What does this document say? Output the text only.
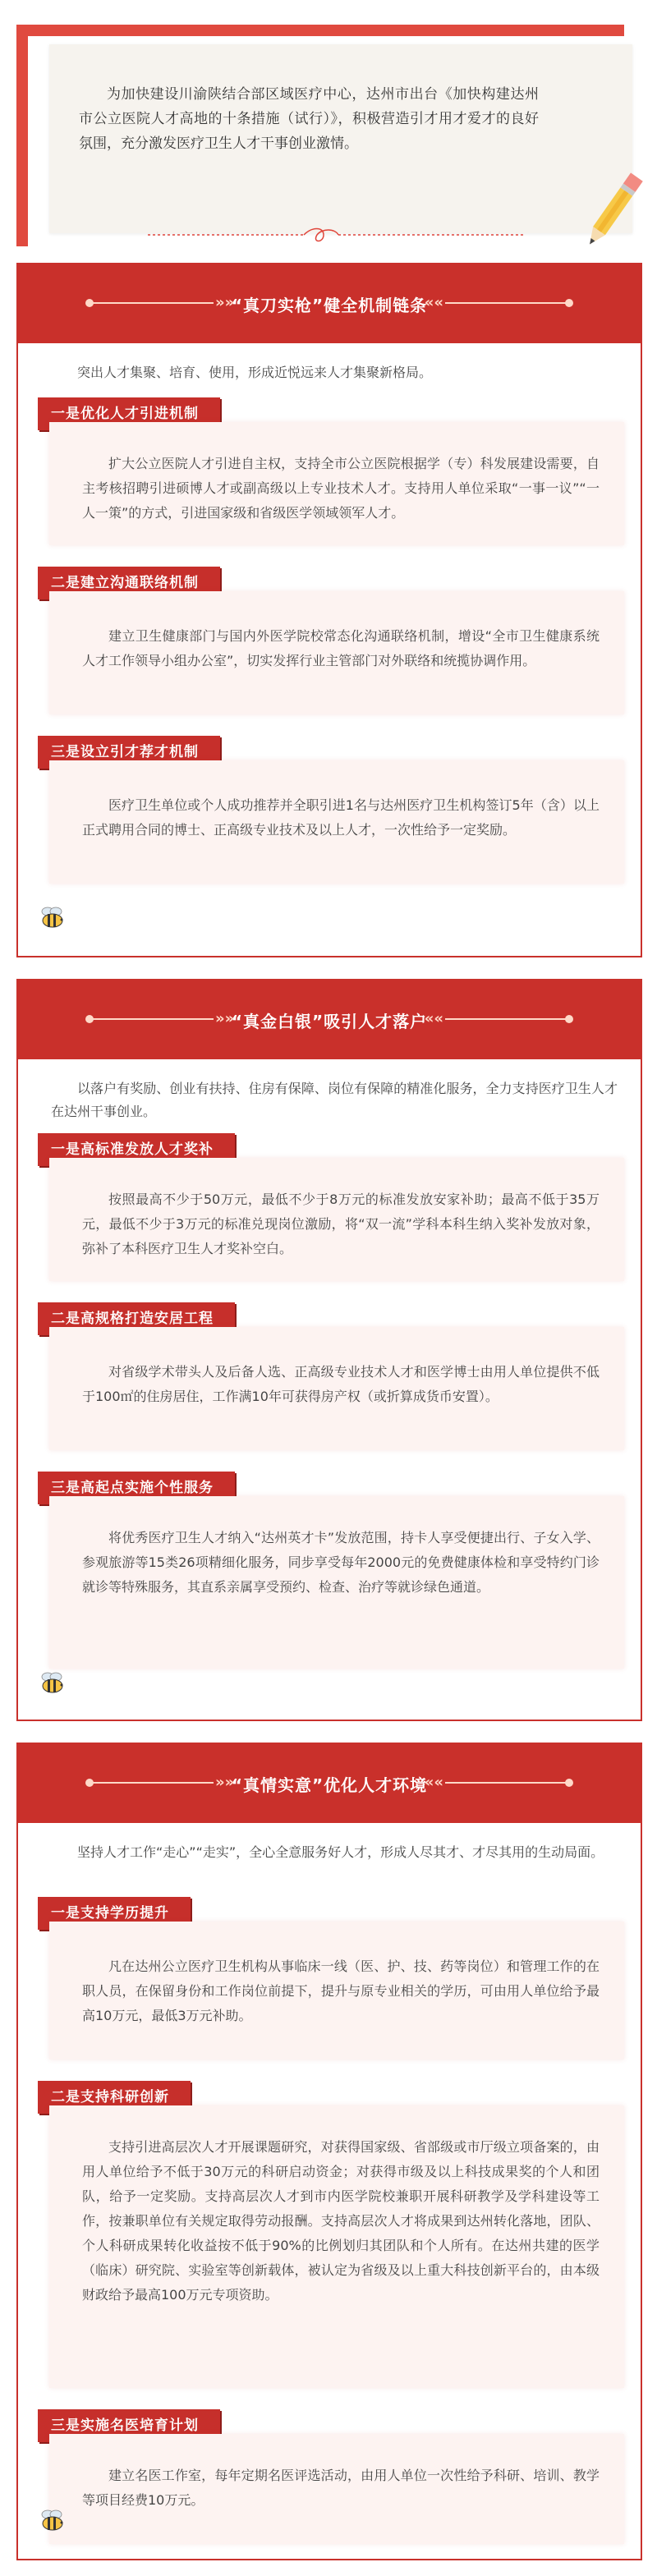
为加快建设川渝陕结合部区域医疗中心，达州市出台《加快构建达州市公立医院人才高地的十条措施（试行）》，积极营造引才用才爱才的良好氛围，充分激发医疗卫生人才干事创业激情。
»»
“真刀实枪”健全机制链条
««
突出人才集聚、培育、使用，形成近悦远来人才集聚新格局。
一是优化人才引进机制
扩大公立医院人才引进自主权，支持全市公立医院根据学（专）科发展建设需要，自主考核招聘引进硕博人才或副高级以上专业技术人才。支持用人单位采取“一事一议”“一人一策”的方式，引进国家级和省级医学领域领军人才。
二是建立沟通联络机制
建立卫生健康部门与国内外医学院校常态化沟通联络机制，增设“全市卫生健康系统人才工作领导小组办公室”，切实发挥行业主管部门对外联络和统揽协调作用。
三是设立引才荐才机制
医疗卫生单位或个人成功推荐并全职引进1名与达州医疗卫生机构签订5年（含）以上正式聘用合同的博士、正高级专业技术及以上人才，一次性给予一定奖励。
»»
“真金白银”吸引人才落户
««
以落户有奖励、创业有扶持、住房有保障、岗位有保障的精准化服务，全力支持医疗卫生人才在达州干事创业。
一是高标准发放人才奖补
按照最高不少于50万元，最低不少于8万元的标准发放安家补助；最高不低于35万元，最低不少于3万元的标准兑现岗位激励，将“双一流”学科本科生纳入奖补发放对象，弥补了本科医疗卫生人才奖补空白。
二是高规格打造安居工程
对省级学术带头人及后备人选、正高级专业技术人才和医学博士由用人单位提供不低于100㎡的住房居住，工作满10年可获得房产权（或折算成货币安置）。
三是高起点实施个性服务
将优秀医疗卫生人才纳入“达州英才卡”发放范围，持卡人享受便捷出行、子女入学、参观旅游等15类26项精细化服务，同步享受每年2000元的免费健康体检和享受特约门诊就诊等特殊服务，其直系亲属享受预约、检查、治疗等就诊绿色通道。
»»
“真情实意”优化人才环境
««
坚持人才工作“走心”“走实”，全心全意服务好人才，形成人尽其才、才尽其用的生动局面。
一是支持学历提升
凡在达州公立医疗卫生机构从事临床一线（医、护、技、药等岗位）和管理工作的在职人员，在保留身份和工作岗位前提下，提升与原专业相关的学历，可由用人单位给予最高10万元，最低3万元补助。
二是支持科研创新
支持引进高层次人才开展课题研究，对获得国家级、省部级或市厅级立项备案的，由用人单位给予不低于30万元的科研启动资金；对获得市级及以上科技成果奖的个人和团队，给予一定奖励。支持高层次人才到市内医学院校兼职开展科研教学及学科建设等工作，按兼职单位有关规定取得劳动报酬。支持高层次人才将成果到达州转化落地，团队、个人科研成果转化收益按不低于90%的比例划归其团队和个人所有。在达州共建的医学（临床）研究院、实验室等创新载体，被认定为省级及以上重大科技创新平台的，由本级财政给予最高100万元专项资助。
三是实施名医培育计划
建立名医工作室，每年定期名医评选活动，由用人单位一次性给予科研、培训、教学等项目经费10万元。
